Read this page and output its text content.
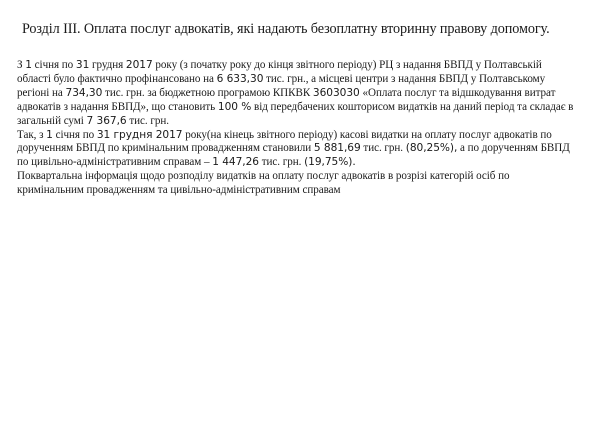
Розділ ІІІ. Оплата послуг адвокатів, які надають безоплатну вторинну правову допомогу.

З 1 січня по 31 грудня 2017 року (з початку року до кінця звітного періоду) РЦ з надання БВПД у Полтавській області було фактично профінансовано на 6 633,30 тис. грн., а місцеві центри з надання БВПД у Полтавському регіоні на 734,30 тис. грн. за бюджетною програмою КПКВК 3603030 «Оплата послуг та відшкодування витрат адвокатів з надання БВПД», що становить 100 % від передбачених кошторисом видатків на даний період та складає в загальній сумі 7 367,6 тис. грн.

Так, з 1 січня по 31 грудня 2017 року(на кінець звітного періоду) касові видатки на оплату послуг адвокатів по дорученням БВПД по кримінальним провадженням становили 5 881,69 тис. грн. (80,25%), а по дорученням БВПД по цивільно-адміністративним справам – 1 447,26 тис. грн. (19,75%).

Поквартальна інформація щодо розподілу видатків на оплату послуг адвокатів в розрізі категорій осіб по кримінальним провадженням та цивільно-адміністративним справам
